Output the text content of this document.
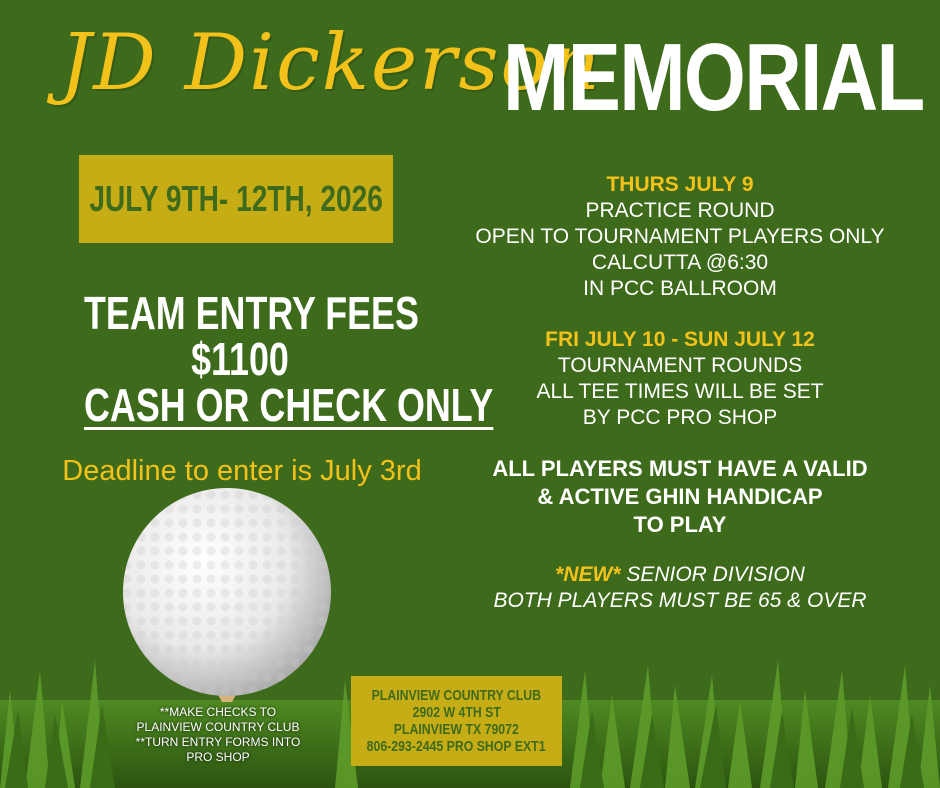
JD Dickerson
MEMORIAL
JULY 9TH- 12TH, 2026
TEAM ENTRY FEES
$1100
CASH OR CHECK ONLY
Deadline to enter is July 3rd
THURS JULY 9
PRACTICE ROUND
OPEN TO TOURNAMENT PLAYERS ONLY
CALCUTTA @6:30
IN PCC BALLROOM
FRI JULY 10 - SUN JULY 12
TOURNAMENT ROUNDS
ALL TEE TIMES WILL BE SET
BY PCC PRO SHOP
ALL PLAYERS MUST HAVE A VALID
& ACTIVE GHIN HANDICAP
TO PLAY
*NEW* SENIOR DIVISION
BOTH PLAYERS MUST BE 65 & OVER
**MAKE CHECKS TO
PLAINVIEW COUNTRY CLUB
**TURN ENTRY FORMS INTO
PRO SHOP
PLAINVIEW COUNTRY CLUB
2902 W 4TH ST
PLAINVIEW TX 79072
806-293-2445 PRO SHOP EXT1
